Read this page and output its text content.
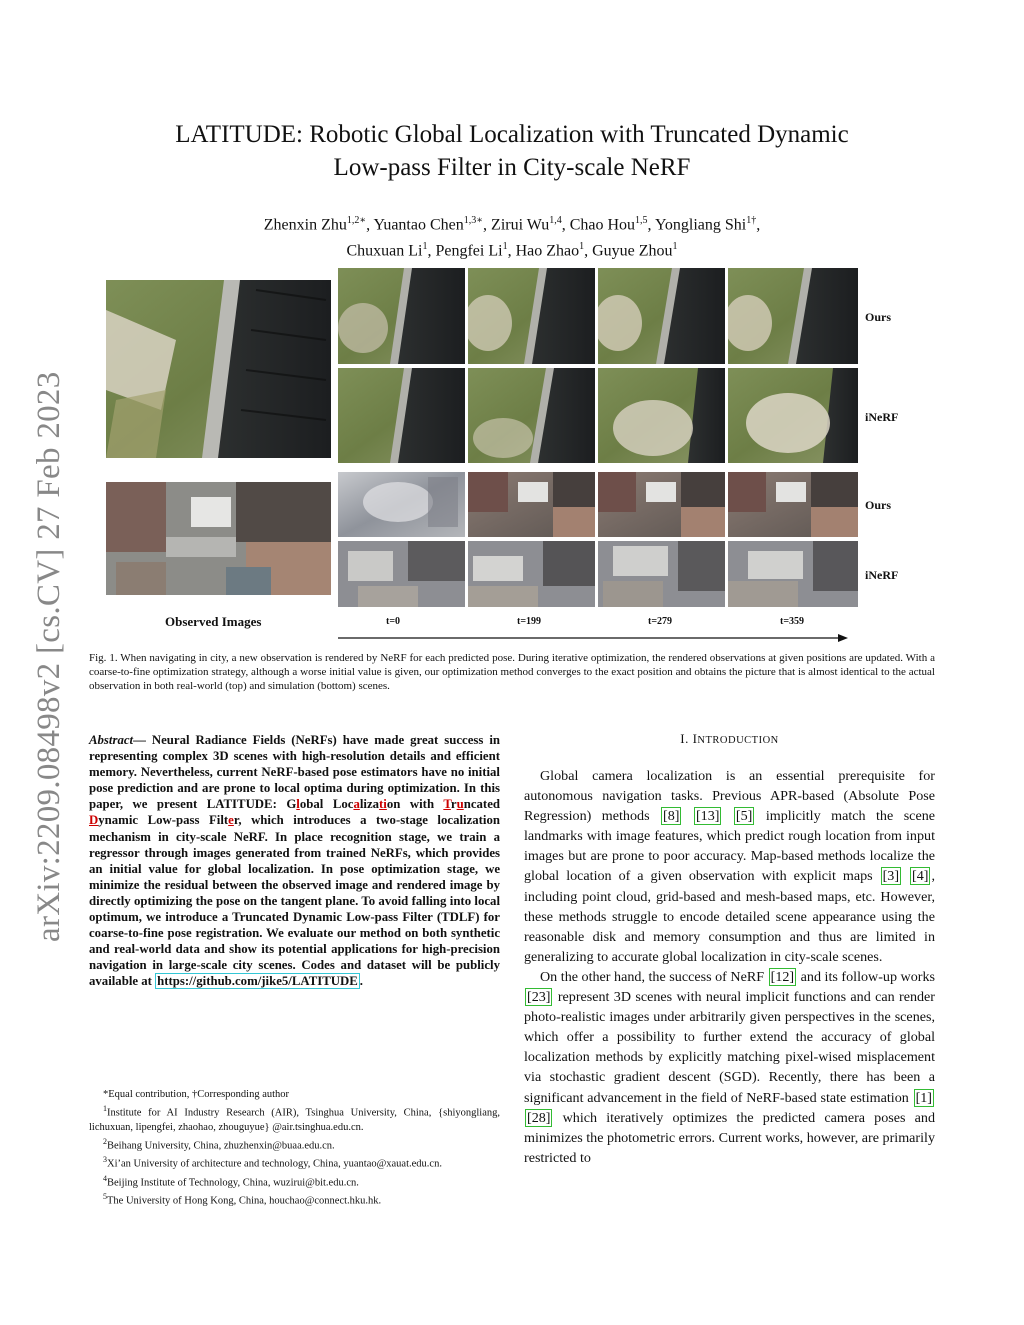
arXiv:2209.08498v2 [cs.CV] 27 Feb 2023
LATITUDE: Robotic Global Localization with Truncated Dynamic
Low-pass Filter in City-scale NeRF
Zhenxin Zhu$^{1,2∗}$, Yuantao Chen$^{1,3∗}$, Zirui Wu$^{1,4}$, Chao Hou$^{1,5}$, Yongliang Shi$^{1\dagger}$,
Chuxuan Li$^1$, Pengfei Li$^1$, Hao Zhao$^1$, Guyue Zhou$^1$
Ours
iNeRF
Ours
iNeRF
Observed Images	t=0	t=199	t=279	t=359
Fig. 1. When navigating in city, a new observation is rendered by NeRF for each predicted pose. During iterative optimization, the rendered observations at given positions are updated. With a coarse-to-fine optimization strategy, although a worse initial value is given, our optimization method converges to the exact position and obtains the picture that is almost identical to the actual observation in both real-world (top) and simulation (bottom) scenes.
Abstract— Neural Radiance Fields (NeRFs) have made great success in representing complex 3D scenes with high-resolution details and efficient memory. Nevertheless, current NeRF-based pose estimators have no initial pose prediction and are prone to local optima during optimization. In this paper, we present LATITUDE: Global Localization with Truncated Dynamic Low-pass Filter, which introduces a two-stage localization mechanism in city-scale NeRF. In place recognition stage, we train a regressor through images generated from trained NeRFs, which provides an initial value for global localization. In pose optimization stage, we minimize the residual between the observed image and rendered image by directly optimizing the pose on the tangent plane. To avoid falling into local optimum, we introduce a Truncated Dynamic Low-pass Filter (TDLF) for coarse-to-fine pose registration. We evaluate our method on both synthetic and real-world data and show its potential applications for high-precision navigation in large-scale city scenes. Codes and dataset will be publicly available at https://github.com/jike5/LATITUDE .

*Equal contribution, †Corresponding author

$^1$Institute for AI Industry Research (AIR), Tsinghua University, China, {shiyongliang, lichuxuan, lipengfei, zhaohao, zhouguyue} @air.tsinghua.edu.cn.

$^2$Beihang University, China, zhuzhenxin@buaa.edu.cn.

$^3$Xi’an University of architecture and technology, China, yuantao@xauat.edu.cn.

$^4$Beijing Institute of Technology, China, wuzirui@bit.edu.cn.

$^5$The University of Hong Kong, China, houchao@connect.hku.hk.

I. INTRODUCTION

Global camera localization is an essential prerequisite for autonomous navigation tasks. Previous APR-based (Absolute Pose Regression) methods [8] [13] [5] implicitly match the scene landmarks with image features, which predict rough location from input images but are prone to poor accuracy. Map-based methods localize the global location of a given observation with explicit maps [3] [4] , including point cloud, grid-based and mesh-based maps, etc. However, these methods struggle to encode detailed scene appearance using the reasonable disk and memory consumption and thus are limited in generalizing to accurate global localization in city-scale scenes.

On the other hand, the success of NeRF [12] and its follow-up works [23] represent 3D scenes with neural implicit functions and can render photo-realistic images under arbitrarily given perspectives in the scenes, which offer a possibility to further extend the accuracy of global localization methods by explicitly matching pixel-wised misplacement via stochastic gradient descent (SGD). Recently, there has been a significant advancement in the field of NeRF-based state estimation [1] [28] which iteratively optimizes the predicted camera poses and minimizes the photometric errors. Current works, however, are primarily restricted to
